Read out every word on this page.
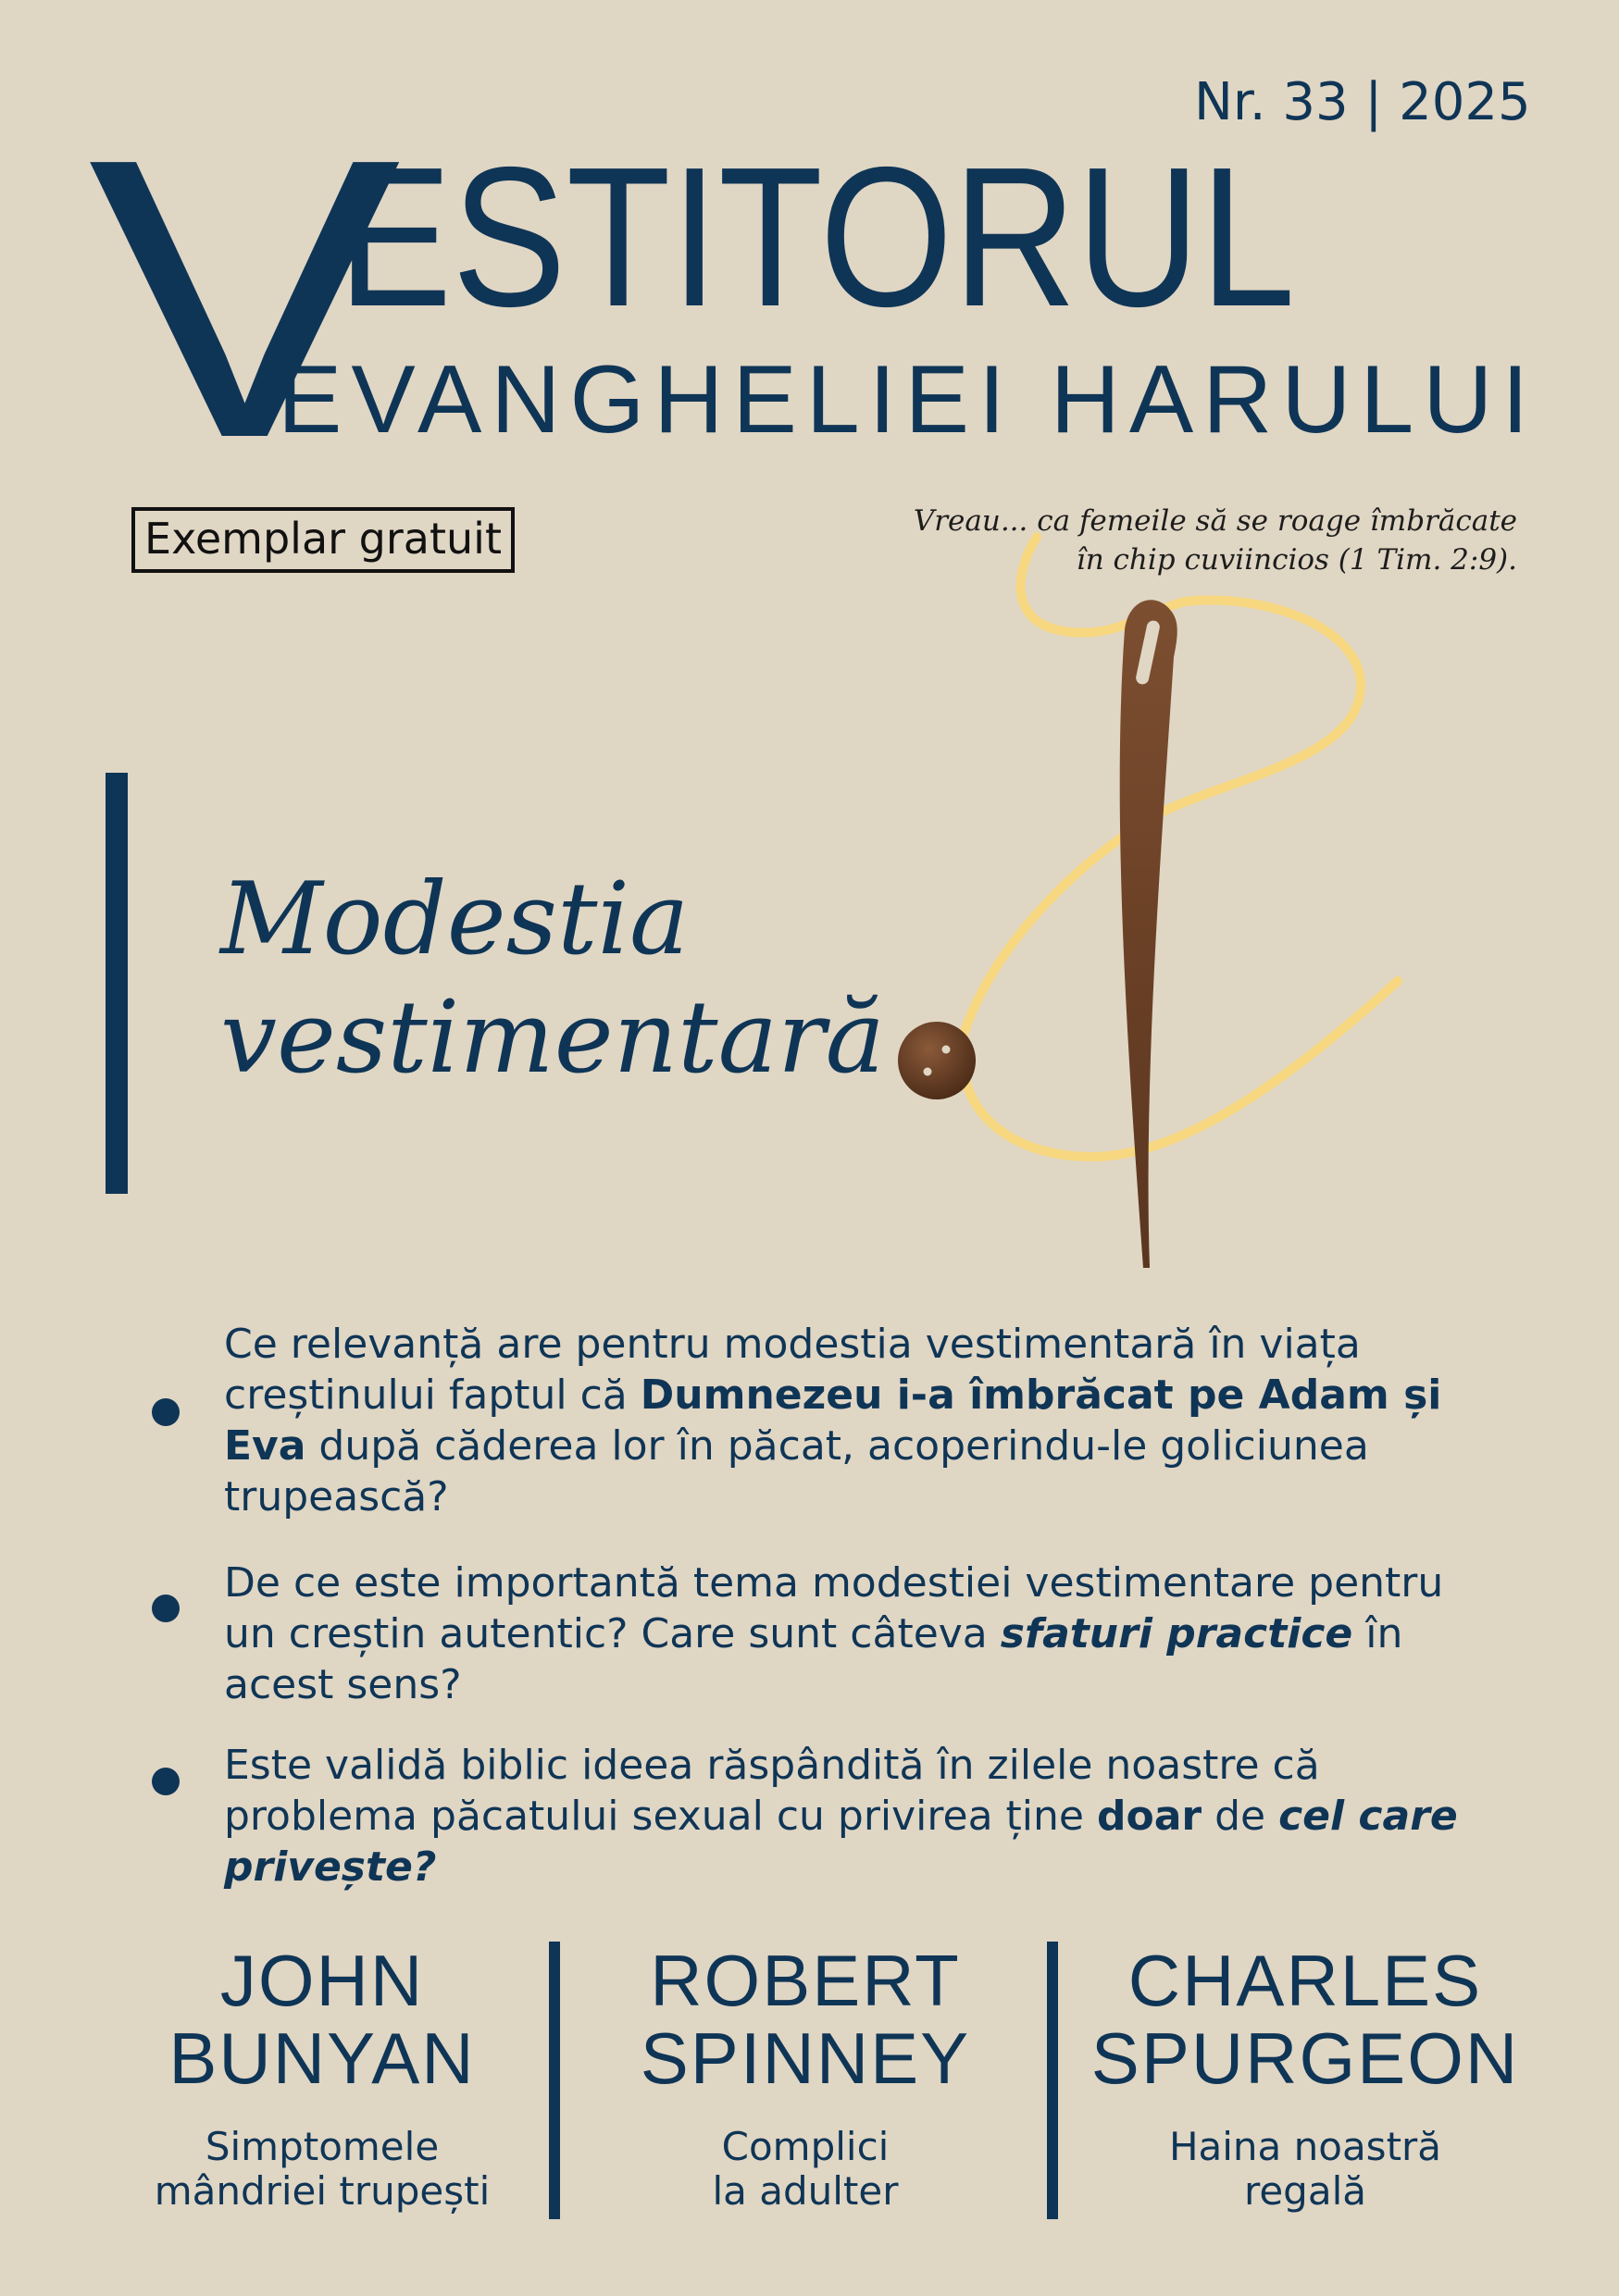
Nr. 33 | 2025
V
ESTITORUL
EVANGHELIEI HARULUI
Exemplar gratuit	Vreau... ca femeile să se roage îmbrăcate
în chip cuviincios (1 Tim. 2:9).
Modestia
vestimentară
Ce relevanță are pentru modestia vestimentară în viața creștinului faptul că Dumnezeu i-a îmbrăcat pe Adam și Eva după căderea lor în păcat, acoperindu-le goliciunea trupească?
De ce este importantă tema modestiei vestimentare pentru un creștin autentic? Care sunt câteva sfaturi practice în acest sens?
Este validă biblic ideea răspândită în zilele noastre că problema păcatului sexual cu privirea ține doar de cel care privește?
JOHN
BUNYAN
Simptomele
mândriei trupești
ROBERT
SPINNEY
Complici
la adulter
CHARLES
SPURGEON
Haina noastră
regală
